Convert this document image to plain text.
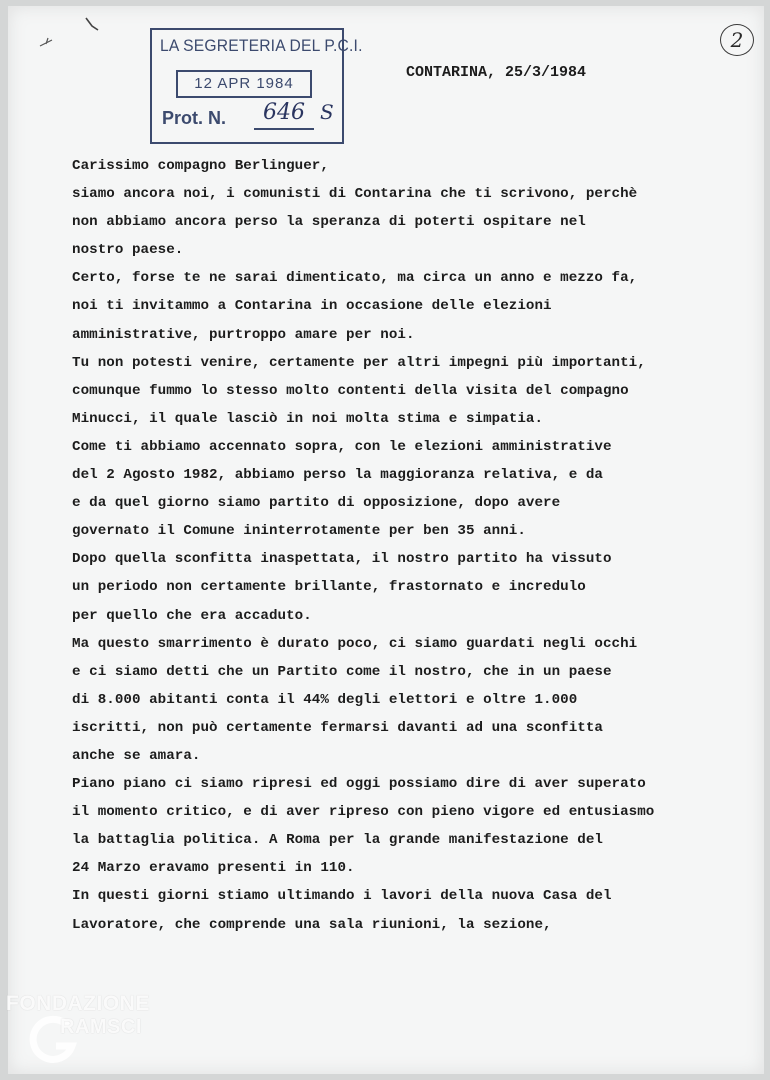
LA SEGRETERIA DEL P.C.I.
12 APR 1984
Prot. N.	646 S
CONTARINA, 25/3/1984
2
Carissimo compagno Berlinguer,
siamo ancora noi, i comunisti di Contarina che ti scrivono, perchè
non abbiamo ancora perso la speranza di poterti ospitare nel
nostro paese.
Certo, forse te ne sarai dimenticato, ma circa un anno e mezzo fa,
noi ti invitammo a Contarina in occasione delle elezioni
amministrative, purtroppo amare per noi.
Tu non potesti venire, certamente per altri impegni più importanti,
comunque fummo lo stesso molto contenti della visita del compagno
Minucci, il quale lasciò in noi molta stima e simpatia.
Come ti abbiamo accennato sopra, con le elezioni amministrative
del 2 Agosto 1982, abbiamo perso la maggioranza relativa, e da
e da quel giorno siamo partito di opposizione, dopo avere
governato il Comune ininterrotamente per ben 35 anni.
Dopo quella sconfitta inaspettata, il nostro partito ha vissuto
un periodo non certamente brillante, frastornato e incredulo
per quello che era accaduto.
Ma questo smarrimento è durato poco, ci siamo guardati negli occhi
e ci siamo detti che un Partito come il nostro, che in un paese
di 8.000 abitanti conta il 44% degli elettori e oltre 1.000
iscritti, non può certamente fermarsi davanti ad una sconfitta
anche se amara.
Piano piano ci siamo ripresi ed oggi possiamo dire di aver superato
il momento critico, e di aver ripreso con pieno vigore ed entusiasmo
la battaglia politica. A Roma per la grande manifestazione del
24 Marzo eravamo presenti in 110.
In questi giorni stiamo ultimando i lavori della nuova Casa del
Lavoratore, che comprende una sala riunioni, la sezione,
FONDAZIONE
RAMSCI
